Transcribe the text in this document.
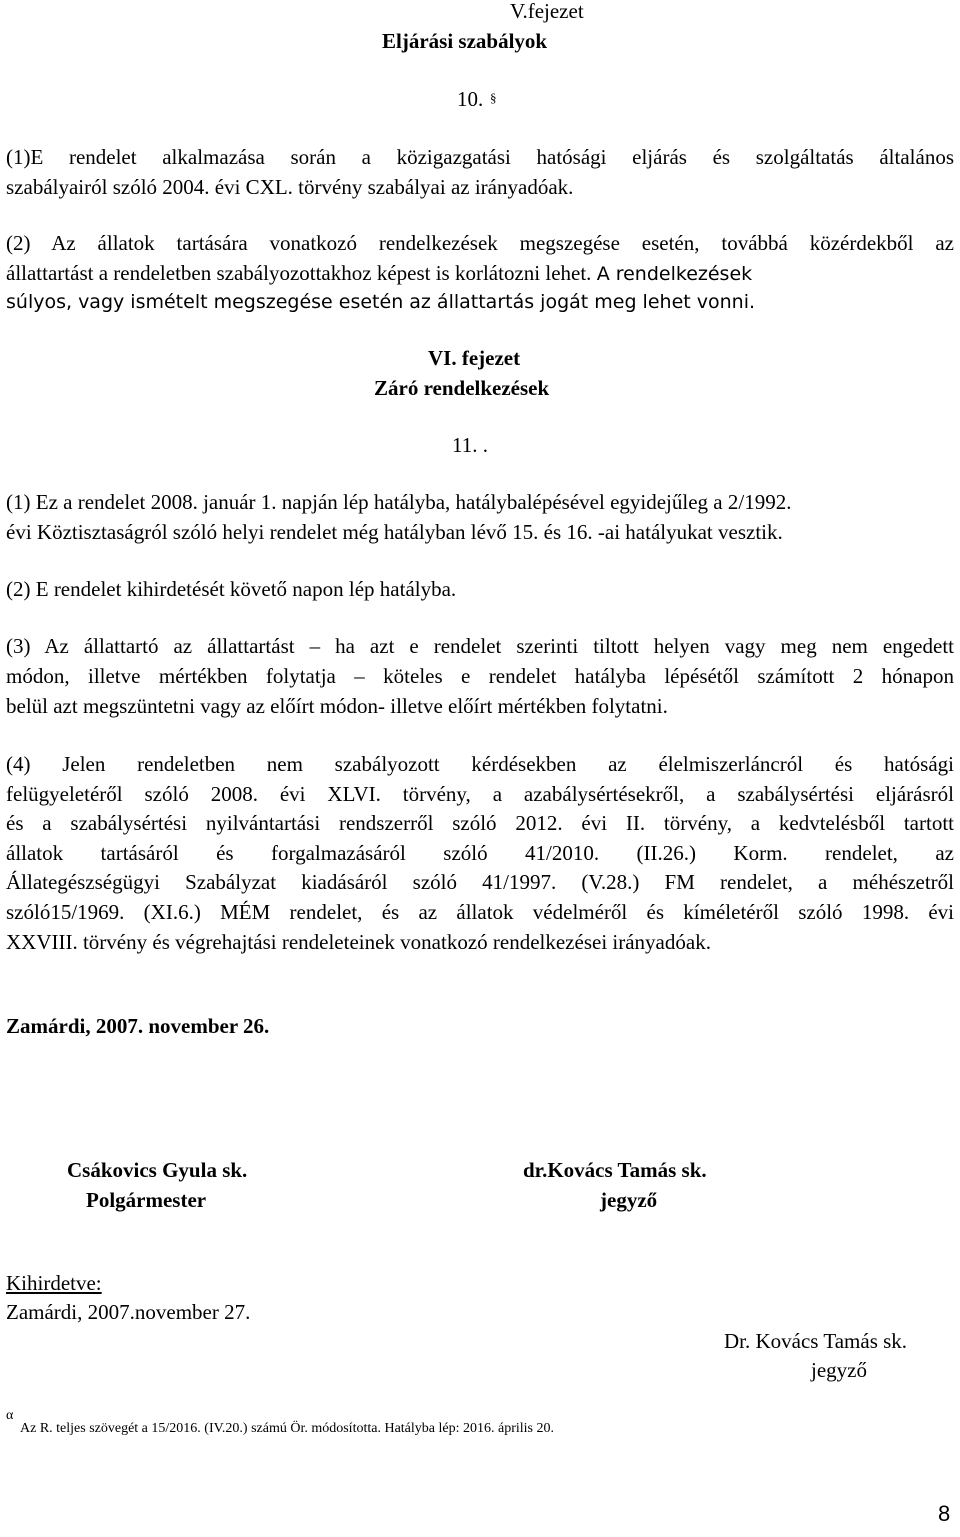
V.fejezet
Eljárási szabályok
10. §
(1)E rendelet alkalmazása során a közigazgatási hatósági eljárás és szolgáltatás általános
szabályairól szóló 2004. évi CXL. törvény szabályai az irányadóak.
(2) Az állatok tartására vonatkozó rendelkezések megszegése esetén, továbbá közérdekből az
állattartást a rendeletben szabályozottakhoz képest is korlátozni lehet. A rendelkezések
súlyos, vagy ismételt megszegése esetén az állattartás jogát meg lehet vonni.
VI. fejezet
Záró rendelkezések
11. .
(1) Ez a rendelet 2008. január 1. napján lép hatályba, hatálybalépésével egyidejűleg a 2/1992.
évi Köztisztaságról szóló helyi rendelet még hatályban lévő 15. és 16. -ai hatályukat vesztik.
(2) E rendelet kihirdetését követő napon lép hatályba.
(3) Az állattartó az állattartást – ha azt e rendelet szerinti tiltott helyen vagy meg nem engedett
módon, illetve mértékben folytatja – köteles e rendelet hatályba lépésétől számított 2 hónapon
belül azt megszüntetni vagy az előírt módon- illetve előírt mértékben folytatni.
(4) Jelen rendeletben nem szabályozott kérdésekben az élelmiszerláncról és hatósági
felügyeletéről szóló 2008. évi XLVI. törvény, a azabálysértésekről, a szabálysértési eljárásról
és a szabálysértési nyilvántartási rendszerről szóló 2012. évi II. törvény, a kedvtelésből tartott
állatok tartásáról és forgalmazásáról szóló 41/2010. (II.26.) Korm. rendelet, az
Állategészségügyi Szabályzat kiadásáról szóló 41/1997. (V.28.) FM rendelet, a méhészetről
szóló15/1969. (XI.6.) MÉM rendelet, és az állatok védelméről és kíméletéről szóló 1998. évi
XXVIII. törvény és végrehajtási rendeleteinek vonatkozó rendelkezései irányadóak.
Zamárdi, 2007. november 26.
Csákovics Gyula sk.
Polgármester
dr.Kovács Tamás sk.
jegyző
Kihirdetve:
Zamárdi, 2007.november 27.
Dr. Kovács Tamás sk.
jegyző
α
Az R. teljes szövegét a 15/2016. (IV.20.) számú Ör. módosította. Hatályba lép: 2016. április 20.
8
